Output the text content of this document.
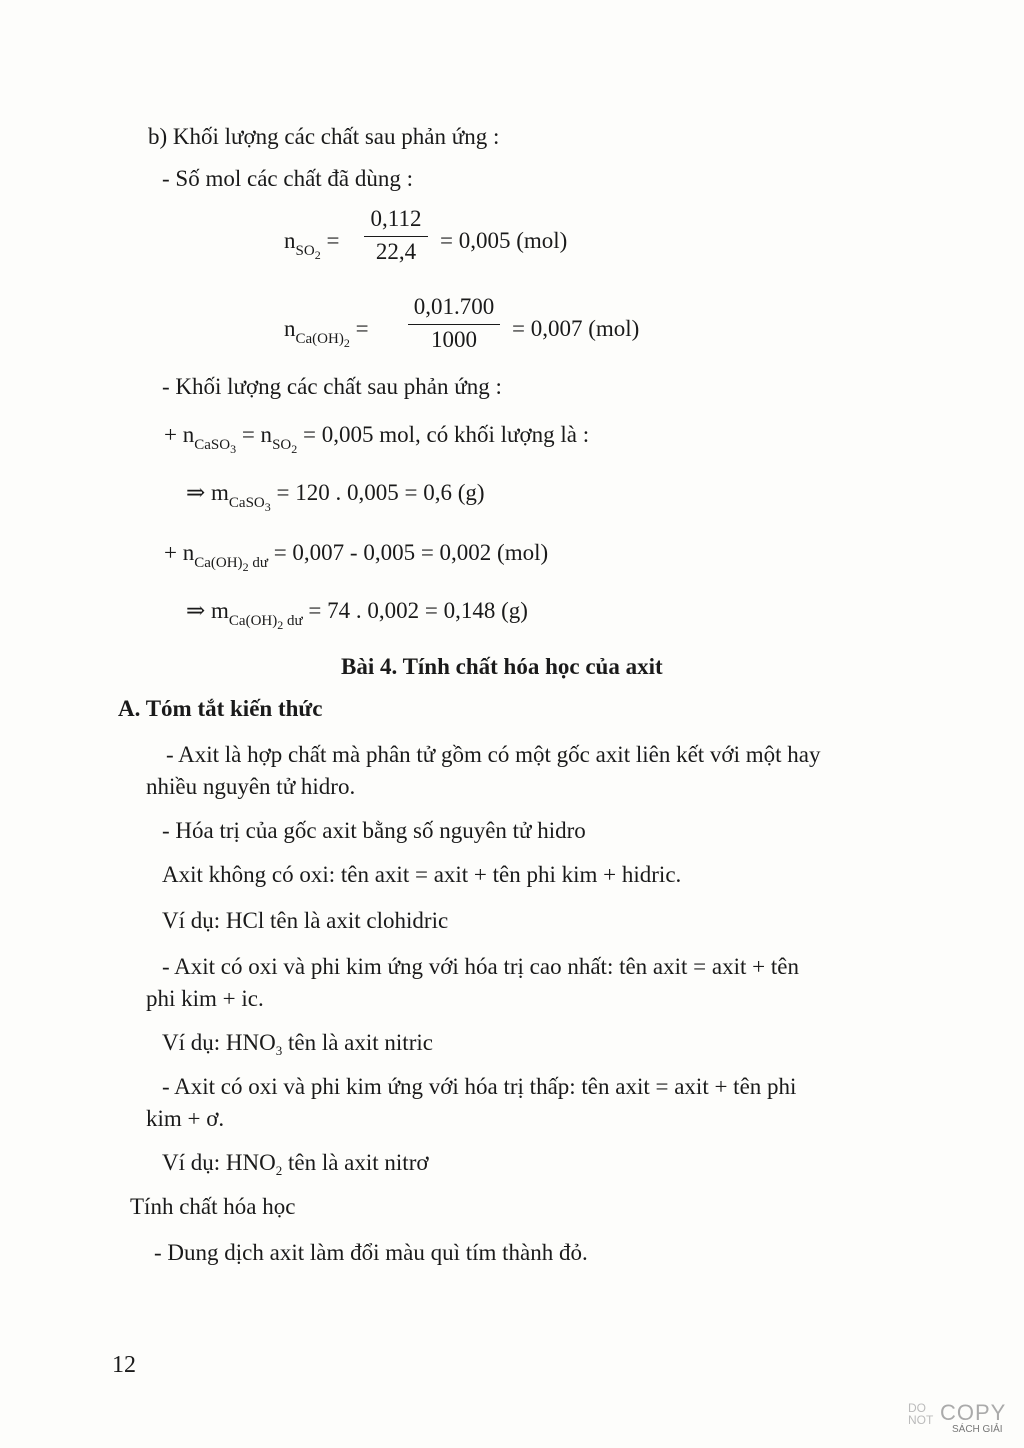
b) Khối lượng các chất sau phản ứng :
- Số mol các chất đã dùng :
$n_{SO_2}$ =
0,112
22,4	= 0,005 (mol)
$n_{Ca(OH)_2}$ =
0,01.700
1000	= 0,007 (mol)
- Khối lượng các chất sau phản ứng :
+ $n_{CaSO_3} = n_{SO_2} = 0,005$ mol, có khối lượng là :
⇒ $m_{CaSO_3} = 120$ . 0,005 = 0,6 (g)
+ $n_{Ca(OH)_2 dư} = 0,007 - 0,005 = 0,002$ (mol)
⇒ $m_{Ca(OH)_2 dư} = 74$ . 0,002 = 0,148 (g)
Bài 4. Tính chất hóa học của axit
A. Tóm tắt kiến thức
- Axit là hợp chất mà phân tử gồm có một gốc axit liên kết với một hay
nhiều nguyên tử hidro.
- Hóa trị của gốc axit bằng số nguyên tử hidro
Axit không có oxi: tên axit = axit + tên phi kim + hidric.
Ví dụ: HCl tên là axit clohidric
- Axit có oxi và phi kim ứng với hóa trị cao nhất: tên axit = axit + tên
phi kim + ic.
Ví dụ: $HNO_3$ tên là axit nitric
- Axit có oxi và phi kim ứng với hóa trị thấp: tên axit = axit + tên phi
kim + ơ.
Ví dụ: $HNO_2$ tên là axit nitrơ
Tính chất hóa học
- Dung dịch axit làm đổi màu quì tím thành đỏ.
12
DO
NOT COPY
SÁCH GIẢI
